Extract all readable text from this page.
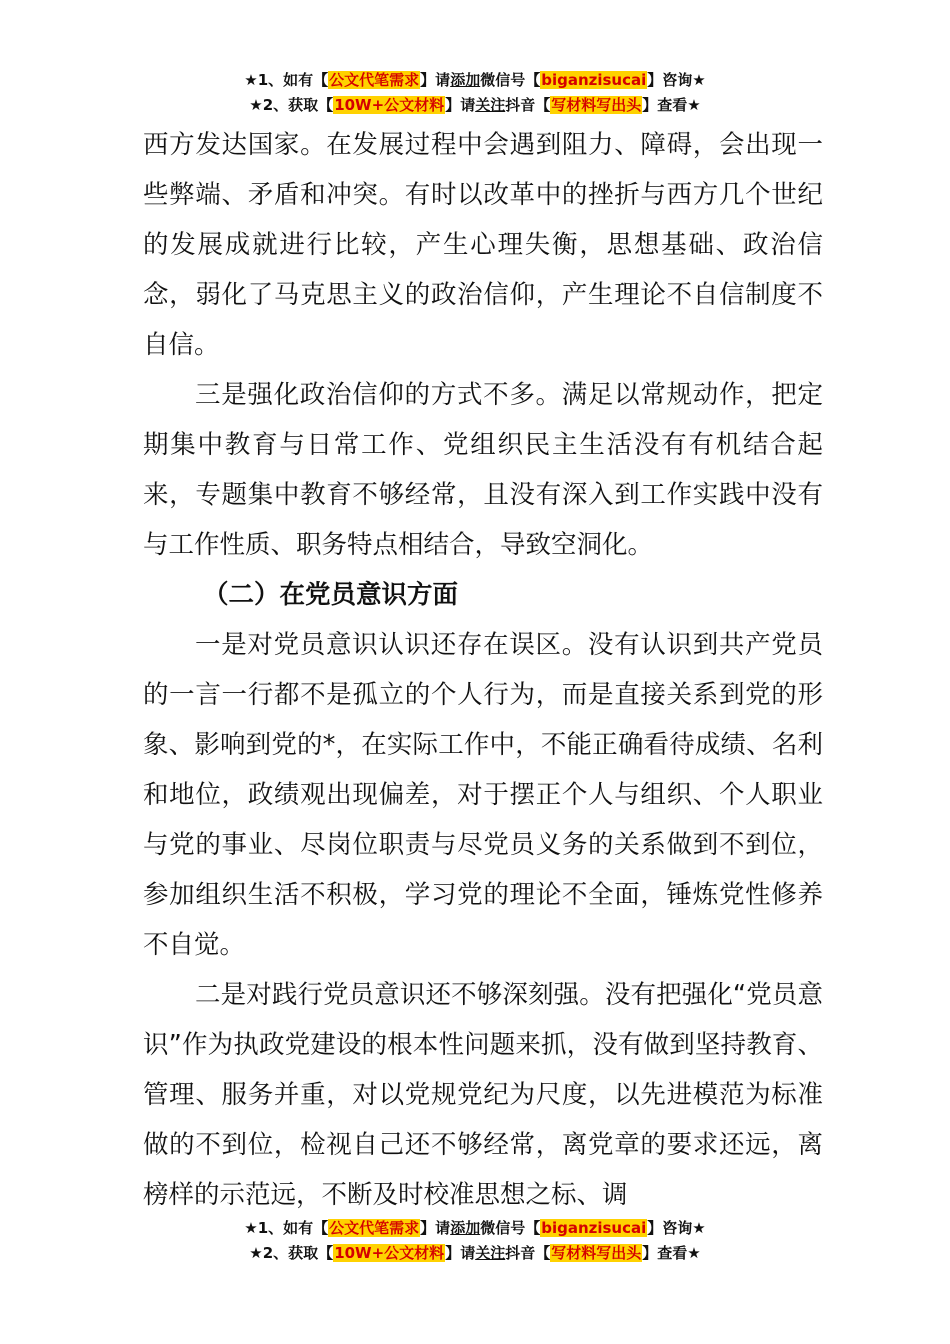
★1、如有【公文代笔需求】请添加微信号【biganzisucai】咨询★
★2、获取【10W+公文材料】请关注抖音【写材料写出头】查看★

西方发达国家。在发展过程中会遇到阻力、障碍，会出现一些弊端、矛盾和冲突。有时以改革中的挫折与西方几个世纪的发展成就进行比较，产生心理失衡，思想基础、政治信念，弱化了马克思主义的政治信仰，产生理论不自信制度不自信。

三是强化政治信仰的方式不多。满足以常规动作，把定期集中教育与日常工作、党组织民主生活没有有机结合起来，专题集中教育不够经常，且没有深入到工作实践中没有与工作性质、职务特点相结合，导致空洞化。

（二）在党员意识方面

一是对党员意识认识还存在误区。没有认识到共产党员的一言一行都不是孤立的个人行为，而是直接关系到党的形象、影响到党的*，在实际工作中，不能正确看待成绩、名利和地位，政绩观出现偏差，对于摆正个人与组织、个人职业与党的事业、尽岗位职责与尽党员义务的关系做到不到位，参加组织生活不积极，学习党的理论不全面，锤炼党性修养不自觉。

二是对践行党员意识还不够深刻强。没有把强化“党员意识”作为执政党建设的根本性问题来抓，没有做到坚持教育、管理、服务并重，对以党规党纪为尺度，以先进模范为标准做的不到位，检视自己还不够经常，离党章的要求还远，离榜样的示范远，不断及时校准思想之标、调

★1、如有【公文代笔需求】请添加微信号【biganzisucai】咨询★
★2、获取【10W+公文材料】请关注抖音【写材料写出头】查看★
